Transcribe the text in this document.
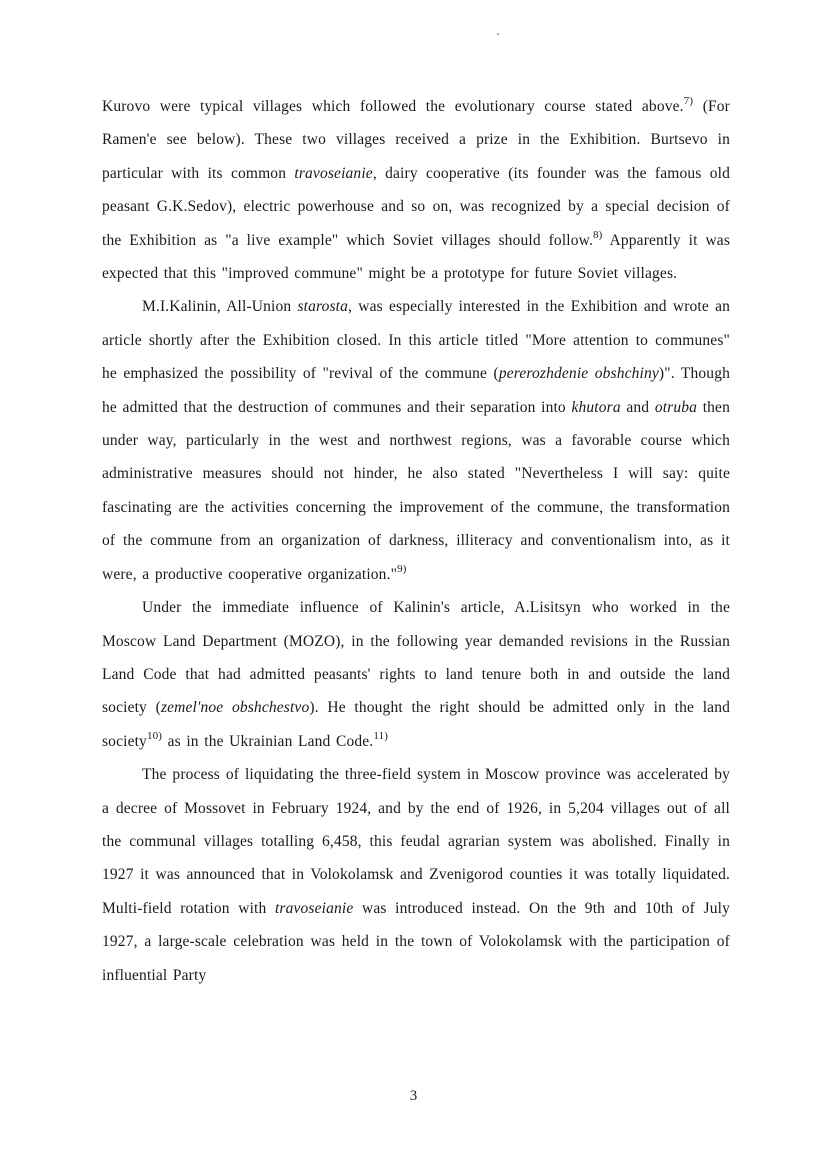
Kurovo were typical villages which followed the evolutionary course stated above.$^{7)}$ (For Ramen'e see below). These two villages received a prize in the Exhibition. Burtsevo in particular with its common travoseianie, dairy cooperative (its founder was the famous old peasant G.K.Sedov), electric powerhouse and so on, was recognized by a special decision of the Exhibition as "a live example" which Soviet villages should follow.$^{8)}$ Apparently it was expected that this "improved commune" might be a prototype for future Soviet villages.

M.I.Kalinin, All-Union starosta, was especially interested in the Exhibition and wrote an article shortly after the Exhibition closed. In this article titled "More attention to communes" he emphasized the possibility of "revival of the commune (pererozhdenie obshchiny)". Though he admitted that the destruction of communes and their separation into khutora and otruba then under way, particularly in the west and northwest regions, was a favorable course which administrative measures should not hinder, he also stated "Nevertheless I will say: quite fascinating are the activities concerning the improvement of the commune, the transformation of the commune from an organization of darkness, illiteracy and conventionalism into, as it were, a productive cooperative organization."$^{9)}$

Under the immediate influence of Kalinin's article, A.Lisitsyn who worked in the Moscow Land Department (MOZO), in the following year demanded revisions in the Russian Land Code that had admitted peasants' rights to land tenure both in and outside the land society (zemel'noe obshchestvo). He thought the right should be admitted only in the land society$^{10)}$ as in the Ukrainian Land Code.$^{11)}$

The process of liquidating the three-field system in Moscow province was accelerated by a decree of Mossovet in February 1924, and by the end of 1926, in 5,204 villages out of all the communal villages totalling 6,458, this feudal agrarian system was abolished. Finally in 1927 it was announced that in Volokolamsk and Zvenigorod counties it was totally liquidated. Multi-field rotation with travoseianie was introduced instead. On the 9th and 10th of July 1927, a large-scale celebration was held in the town of Volokolamsk with the participation of influential Party

3
